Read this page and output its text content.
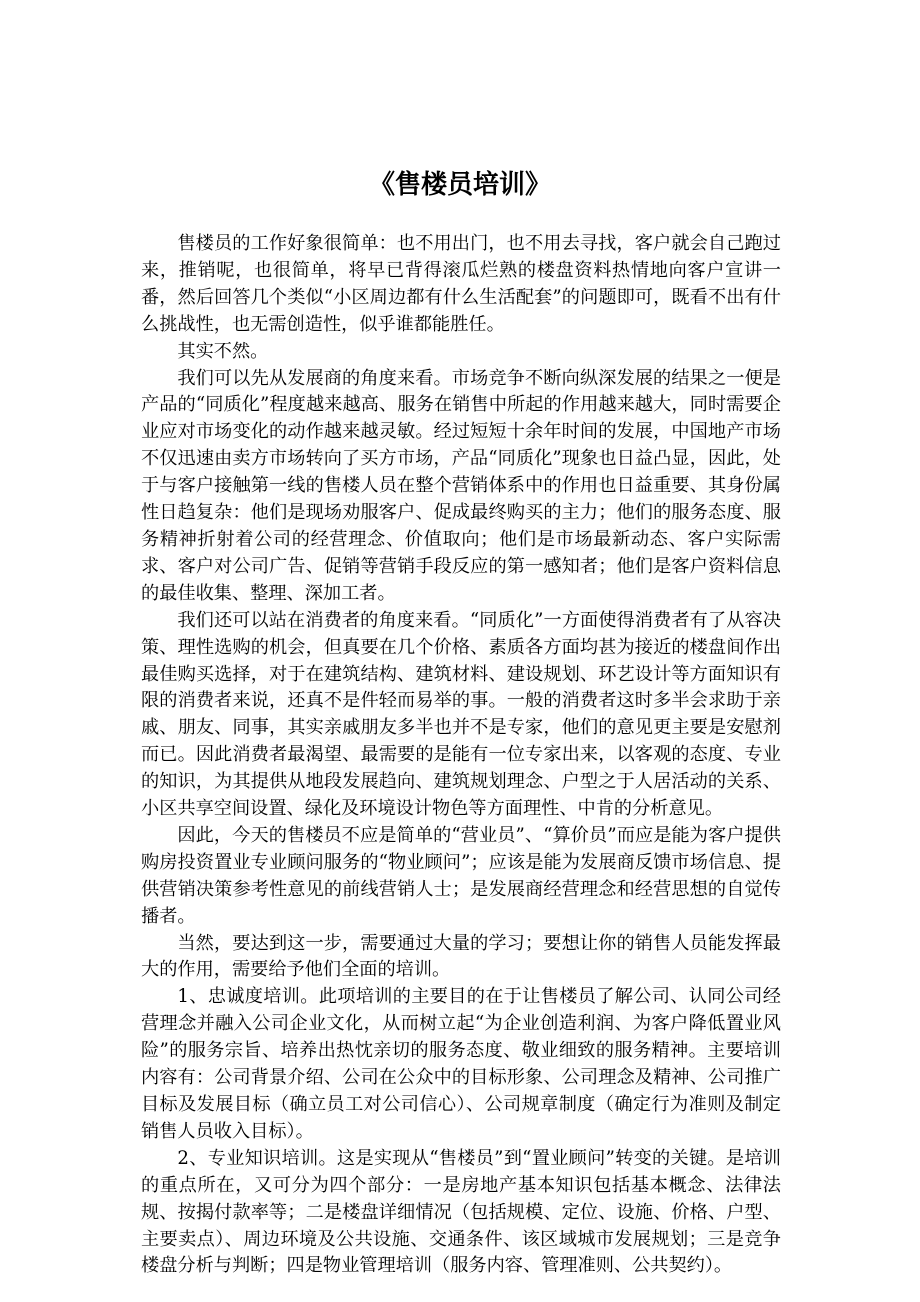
《售楼员培训》

售楼员的工作好象很简单：也不用出门，也不用去寻找，客户就会自己跑过来，推销呢，也很简单，将早已背得滚瓜烂熟的楼盘资料热情地向客户宣讲一番，然后回答几个类似“小区周边都有什么生活配套”的问题即可，既看不出有什么挑战性，也无需创造性，似乎谁都能胜任。

其实不然。

我们可以先从发展商的角度来看。市场竞争不断向纵深发展的结果之一便是产品的“同质化”程度越来越高、服务在销售中所起的作用越来越大，同时需要企业应对市场变化的动作越来越灵敏。经过短短十余年时间的发展，中国地产市场不仅迅速由卖方市场转向了买方市场，产品“同质化”现象也日益凸显，因此，处于与客户接触第一线的售楼人员在整个营销体系中的作用也日益重要、其身份属性日趋复杂：他们是现场劝服客户、促成最终购买的主力；他们的服务态度、服务精神折射着公司的经营理念、价值取向；他们是市场最新动态、客户实际需求、客户对公司广告、促销等营销手段反应的第一感知者；他们是客户资料信息的最佳收集、整理、深加工者。

我们还可以站在消费者的角度来看。“同质化”一方面使得消费者有了从容决策、理性选购的机会，但真要在几个价格、素质各方面均甚为接近的楼盘间作出最佳购买选择，对于在建筑结构、建筑材料、建设规划、环艺设计等方面知识有限的消费者来说，还真不是件轻而易举的事。一般的消费者这时多半会求助于亲戚、朋友、同事，其实亲戚朋友多半也并不是专家，他们的意见更主要是安慰剂而已。因此消费者最渴望、最需要的是能有一位专家出来，以客观的态度、专业的知识，为其提供从地段发展趋向、建筑规划理念、户型之于人居活动的关系、小区共享空间设置、绿化及环境设计物色等方面理性、中肯的分析意见。

因此，今天的售楼员不应是简单的“营业员”、“算价员”而应是能为客户提供购房投资置业专业顾问服务的“物业顾问”；应该是能为发展商反馈市场信息、提供营销决策参考性意见的前线营销人士；是发展商经营理念和经营思想的自觉传播者。

当然，要达到这一步，需要通过大量的学习；要想让你的销售人员能发挥最大的作用，需要给予他们全面的培训。

1、忠诚度培训。此项培训的主要目的在于让售楼员了解公司、认同公司经营理念并融入公司企业文化，从而树立起“为企业创造利润、为客户降低置业风险”的服务宗旨、培养出热忱亲切的服务态度、敬业细致的服务精神。主要培训内容有：公司背景介绍、公司在公众中的目标形象、公司理念及精神、公司推广目标及发展目标（确立员工对公司信心）、公司规章制度（确定行为准则及制定销售人员收入目标）。

2、专业知识培训。这是实现从“售楼员”到“置业顾问”转变的关键。是培训的重点所在，又可分为四个部分：一是房地产基本知识包括基本概念、法律法规、按揭付款率等；二是楼盘详细情况（包括规模、定位、设施、价格、户型、主要卖点）、周边环境及公共设施、交通条件、该区域城市发展规划；三是竞争楼盘分析与判断；四是物业管理培训（服务内容、管理准则、公共契约）。
